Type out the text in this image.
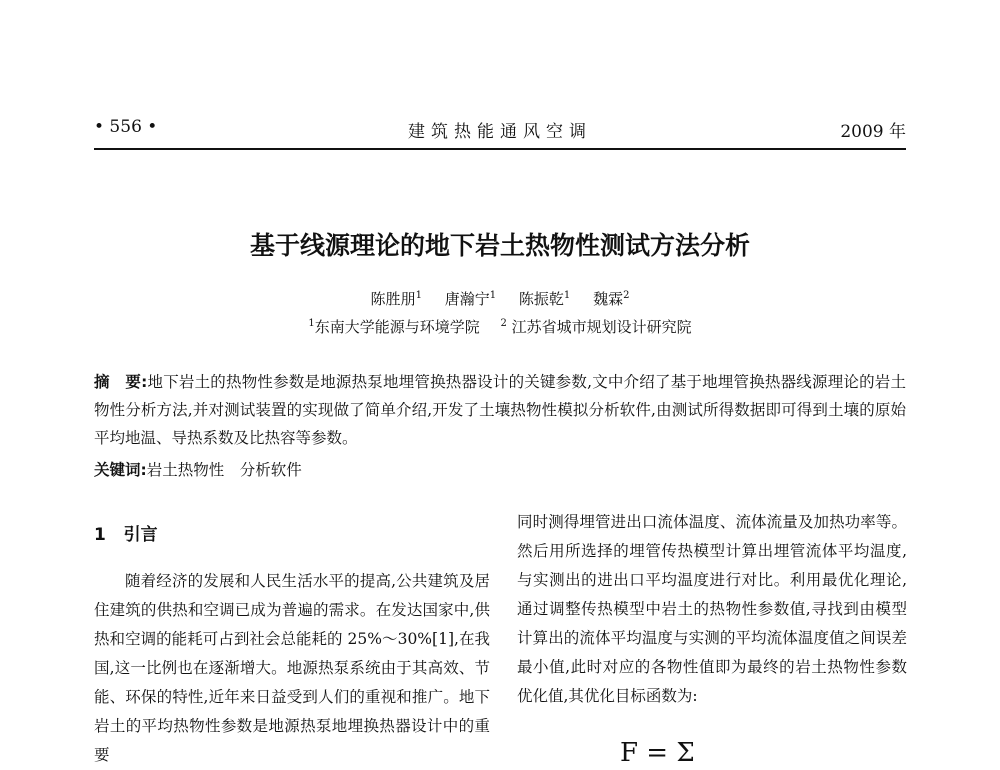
• 556 •	建筑热能通风空调	2009 年
基于线源理论的地下岩土热物性测试方法分析
陈胜朋$^1$ 唐瀚宁$^1$ 陈振乾$^1$ 魏霖$^2$
$^1$东南大学能源与环境学院 $^2$ 江苏省城市规划设计研究院
摘　要:地下岩土的热物性参数是地源热泵地埋管换热器设计的关键参数,文中介绍了基于地埋管换热器线源理论的岩土物性分析方法,并对测试装置的实现做了简单介绍,开发了土壤热物性模拟分析软件,由测试所得数据即可得到土壤的原始平均地温、导热系数及比热容等参数。
关键词:岩土热物性　分析软件
1 引言

随着经济的发展和人民生活水平的提高,公共建筑及居住建筑的供热和空调已成为普遍的需求。在发达国家中,供热和空调的能耗可占到社会总能耗的 25%～30%[1],在我国,这一比例也在逐渐增大。地源热泵系统由于其高效、节能、环保的特性,近年来日益受到人们的重视和推广。地下岩土的平均热物性参数是地源热泵地埋换热器设计中的重要

同时测得埋管进出口流体温度、流体流量及加热功率等。然后用所选择的埋管传热模型计算出埋管流体平均温度,与实测出的进出口平均温度进行对比。利用最优化理论,通过调整传热模型中岩土的热物性参数值,寻找到由模型计算出的流体平均温度与实测的平均流体温度值之间误差最小值,此时对应的各物性值即为最终的岩土热物性参数优化值,其优化目标函数为:

F = Σ
